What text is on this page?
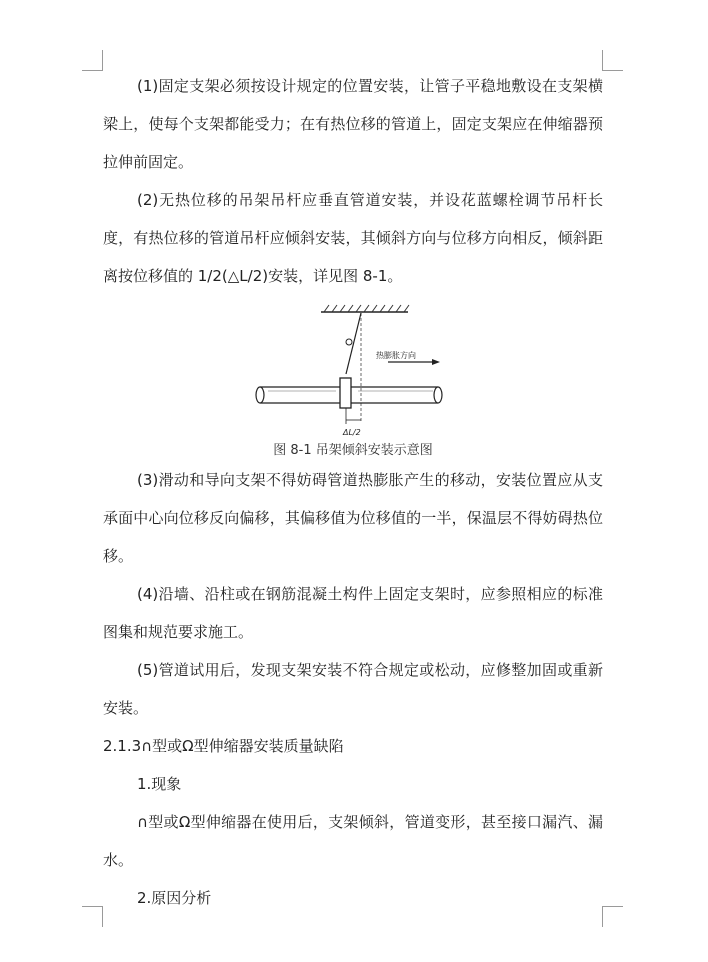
(1)固定支架必须按设计规定的位置安装，让管子平稳地敷设在支架横梁上，使每个支架都能受力；在有热位移的管道上，固定支架应在伸缩器预拉伸前固定。

(2)无热位移的吊架吊杆应垂直管道安装，并设花蓝螺栓调节吊杆长度，有热位移的管道吊杆应倾斜安装，其倾斜方向与位移方向相反，倾斜距离按位移值的 1/2(△L/2)安装，详见图 8-1。

热膨胀方向
ΔL/2
图 8-1 吊架倾斜安装示意图

(3)滑动和导向支架不得妨碍管道热膨胀产生的移动，安装位置应从支承面中心向位移反向偏移，其偏移值为位移值的一半，保温层不得妨碍热位移。

(4)沿墙、沿柱或在钢筋混凝土构件上固定支架时，应参照相应的标准图集和规范要求施工。

(5)管道试用后，发现支架安装不符合规定或松动，应修整加固或重新安装。

2.1.3∩型或Ω型伸缩器安装质量缺陷

1.现象

∩型或Ω型伸缩器在使用后，支架倾斜，管道变形，甚至接口漏汽、漏水。

2.原因分析
